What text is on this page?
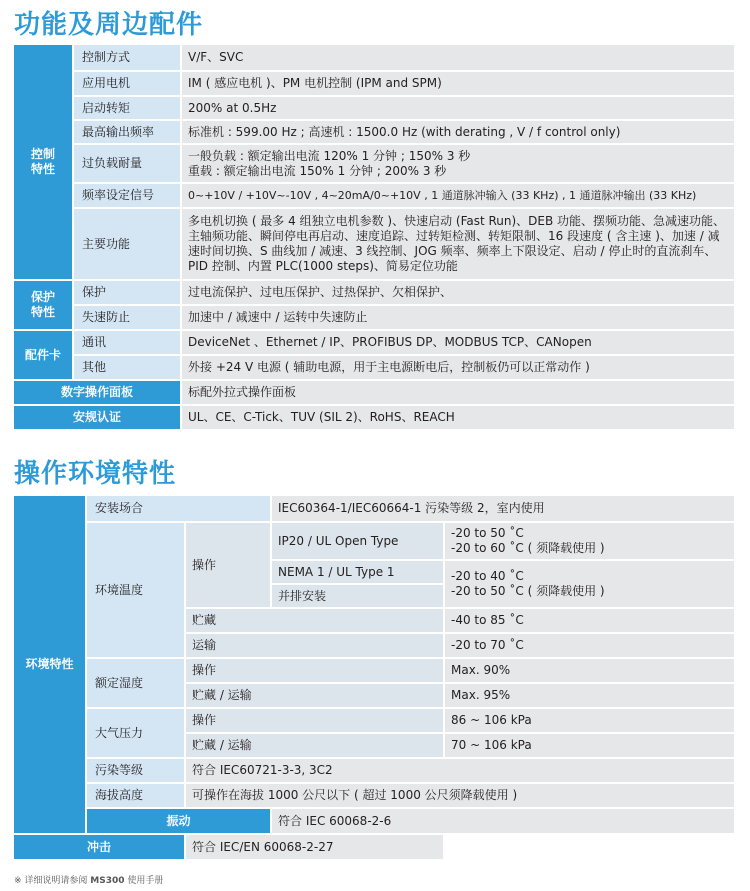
功能及周边配件
控制
特性	控制方式	V/F、SVC
	应用电机	IM ( 感应电机 )、PM 电机控制 (IPM and SPM)
	启动转矩	200% at 0.5Hz
	最高输出频率	标准机 : 599.00 Hz ; 高速机 : 1500.0 Hz (with derating , V / f control only)
	过负载耐量	一般负载 : 额定输出电流 120% 1 分钟 ; 150% 3 秒
重载 : 额定输出电流 150% 1 分钟 ; 200% 3 秒
	频率设定信号	0~+10V / +10V~-10V , 4~20mA/0~+10V , 1 通道脉冲输入 (33 KHz) , 1 通道脉冲输出 (33 KHz)
	主要功能	多电机切换 ( 最多 4 组独立电机参数 )、快速启动 (Fast Run)、DEB 功能、摆频功能、急减速功能、主轴频功能、瞬间停电再启动、速度追踪、过转矩检测、转矩限制、16 段速度 ( 含主速 )、加速 / 减速时间切换、S 曲线加 / 减速、3 线控制、JOG 频率、频率上下限设定、启动 / 停止时的直流刹车、PID 控制、内置 PLC(1000 steps)、简易定位功能
保护
特性	保护	过电流保护、过电压保护、过热保护、欠相保护、
	失速防止	加速中 / 减速中 / 运转中失速防止
配件卡	通讯	DeviceNet 、Ethernet / IP、PROFIBUS DP、MODBUS TCP、CANopen
	其他	外接 +24 V 电源 ( 辅助电源，用于主电源断电后，控制板仍可以正常动作 )
数字操作面板		标配外拉式操作面板
安规认证		UL、CE、C-Tick、TUV (SIL 2)、RoHS、REACH
操作环境特性
环境特性	安装场合		IEC60364-1/IEC60664-1 污染等级 2，室内使用	
	环境温度	操作	IP20 / UL Open Type	-20 to 50 ˚C
-20 to 60 ˚C ( 须降载使用 )
			NEMA 1 / UL Type 1	-20 to 40 ˚C
-20 to 50 ˚C ( 须降载使用 )
			并排安装	
		贮藏		-40 to 85 ˚C
		运输		-20 to 70 ˚C
	额定湿度	操作		Max. 90%
		贮藏 / 运输		Max. 95%
	大气压力	操作		86 ~ 106 kPa
		贮藏 / 运输		70 ~ 106 kPa
	污染等级	符合 IEC60721-3-3, 3C2		
	海拔高度	可操作在海拔 1000 公尺以下 ( 超过 1000 公尺须降载使用 )		
	振动		符合 IEC 60068-2-6	
冲击		符合 IEC/EN 60068-2-27		
※ 详细说明请参阅 MS300 使用手册
